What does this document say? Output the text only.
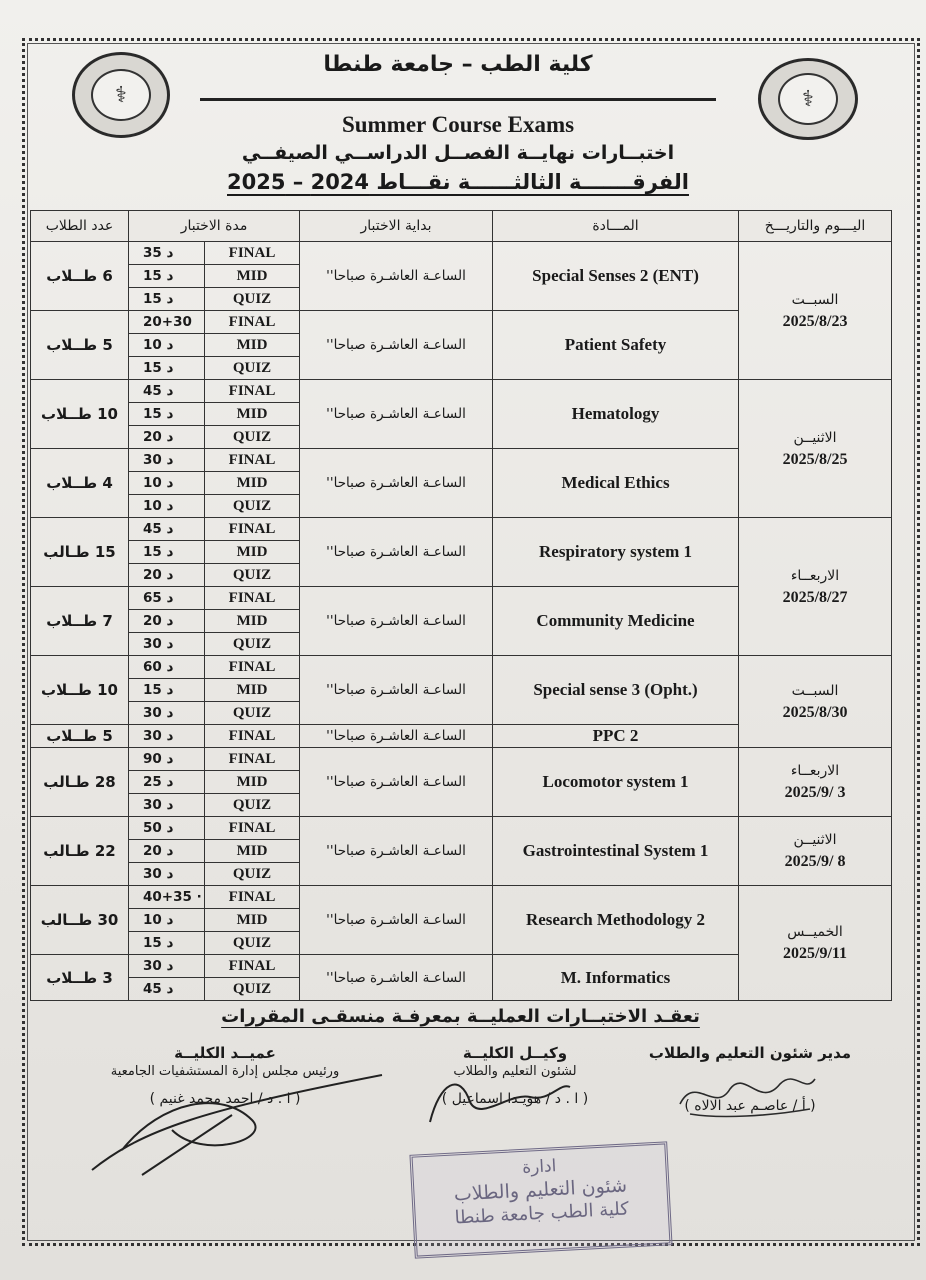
⚕	⚕
كلية الطب – جامعة طنطا
Summer Course Exams
اختبــارات نهايــة الفصــل الدراســي الصيفــي
الفرقـــــــة الثالثــــــة نقـــاط 2024 – 2025
عدد الطلاب	مدة الاختبار		بداية الاختبار	المـــادة	اليـــوم والتاريـــخ
6 طــلاب	35 د	FINAL	الساعـة العاشـرة صباحا''	Special Senses 2 (ENT)	السبــت
2025/8/23

	15 د	MID			
	15 د	QUIZ			
5 طــلاب	20+30	FINAL	الساعـة العاشـرة صباحا''	Patient Safety	
	10 د	MID			
	15 د	QUIZ			
10 طــلاب	45 د	FINAL	الساعـة العاشـرة صباحا''	Hematology	الاثنيــن
2025/8/25

	15 د	MID			
	20 د	QUIZ			
4 طــلاب	30 د	FINAL	الساعـة العاشـرة صباحا''	Medical Ethics	
	10 د	MID			
	10 د	QUIZ			
15 طـالب	45 د	FINAL	الساعـة العاشـرة صباحا''	Respiratory system 1	الاربعــاء
2025/8/27

	15 د	MID			
	20 د	QUIZ			
7 طــلاب	65 د	FINAL	الساعـة العاشـرة صباحا''	Community Medicine	
	20 د	MID			
	30 د	QUIZ			
10 طــلاب	60 د	FINAL	الساعـة العاشـرة صباحا''	Special sense 3 (Opht.)	السبــت
2025/8/30

	15 د	MID			
	30 د	QUIZ			
5 طــلاب	30 د	FINAL	الساعـة العاشـرة صباحا''	PPC 2	
28 طـالب	90 د	FINAL	الساعـة العاشـرة صباحا''	Locomotor system 1	الاربعــاء
2025/9/ 3

	25 د	MID			
	30 د	QUIZ			
22 طـالب	50 د	FINAL	الساعـة العاشـرة صباحا''	Gastrointestinal System 1	الاثنيــن
2025/9/ 8

	20 د	MID			
	30 د	QUIZ			
30 طــالب	40+35 ·	FINAL	الساعـة العاشـرة صباحا''	Research Methodology 2	الخميــس
2025/9/11

	10 د	MID			
	15 د	QUIZ			
3 طــلاب	30 د	FINAL	الساعـة العاشـرة صباحا''	M. Informatics	
	45 د	QUIZ			
تعقـد الاختبــارات العمليــة بمعرفـة منسقـى المقررات
مدير شئون التعليم والطلاب
( أ / عاصـم عبد الالاه )
وكيــل الكليــة
لشئون التعليم والطلاب
( ا . د / هويـدا اسماعيل )
عميــد الكليــة
ورئيس مجلس إدارة المستشفيات الجامعية
( ا . د / احمد محمد غنيم )
ادارة
شئون التعليم والطلاب
كلية الطب جامعة طنطا
